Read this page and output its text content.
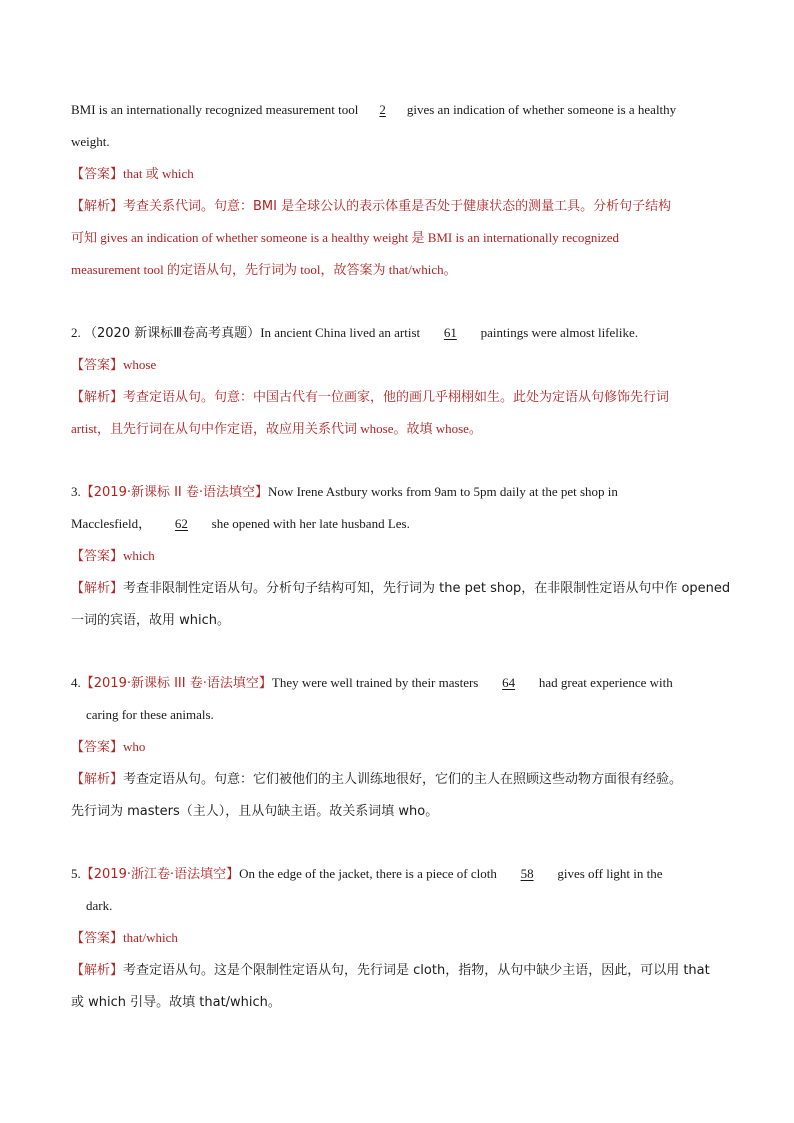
BMI is an internationally recognized measurement tool 2 gives an indication of whether someone is a healthy
weight.
【答案】that 或 which
【解析】考查关系代词。句意：BMI 是全球公认的表示体重是否处于健康状态的测量工具。分析句子结构
可知 gives an indication of whether someone is a healthy weight 是 BMI is an internationally recognized
measurement tool 的定语从句，先行词为 tool，故答案为 that/which。
2. （2020 新课标Ⅲ卷高考真题）In ancient China lived an artist 61 paintings were almost lifelike.
【答案】whose
【解析】考查定语从句。句意：中国古代有一位画家，他的画几乎栩栩如生。此处为定语从句修饰先行词
artist，且先行词在从句中作定语，故应用关系代词 whose。故填 whose。
3.【2019·新课标 II 卷·语法填空】Now Irene Astbury works from 9am to 5pm daily at the pet shop in
Macclesfield， 62 she opened with her late husband Les.
【答案】which
【解析】考查非限制性定语从句。分析句子结构可知，先行词为 the pet shop，在非限制性定语从句中作 opened
一词的宾语，故用 which。
4.【2019·新课标 III 卷·语法填空】They were well trained by their masters 64 had great experience with
caring for these animals.
【答案】who
【解析】考查定语从句。句意：它们被他们的主人训练地很好，它们的主人在照顾这些动物方面很有经验。
先行词为 masters（主人），且从句缺主语。故关系词填 who。
5.【2019·浙江卷·语法填空】On the edge of the jacket, there is a piece of cloth 58 gives off light in the
dark.
【答案】that/which
【解析】考查定语从句。这是个限制性定语从句，先行词是 cloth，指物，从句中缺少主语，因此，可以用 that
或 which 引导。故填 that/which。
